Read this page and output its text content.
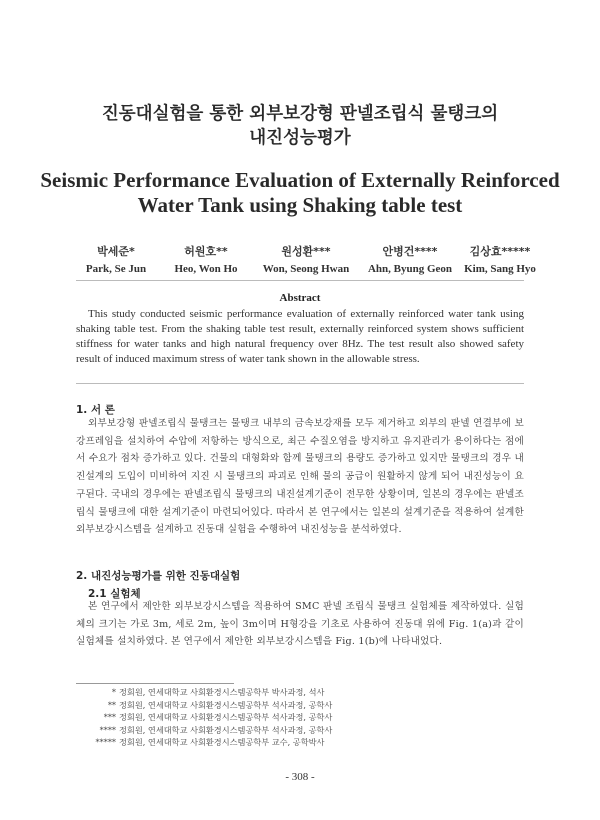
진동대실험을 통한 외부보강형 판넬조립식 물탱크의
내진성능평가
Seismic Performance Evaluation of Externally Reinforced
Water Tank using Shaking table test
박세준*
Park, Se Jun
허원호**
Heo, Won Ho
원성환***
Won, Seong Hwan
안병건****
Ahn, Byung Geon
김상효*****
Kim, Sang Hyo
Abstract
This study conducted seismic performance evaluation of externally reinforced water tank using shaking table test. From the shaking table test result, externally reinforced system shows sufficient stiffness for water tanks and high natural frequency over 8Hz. The test result also showed safety result of induced maximum stress of water tank shown in the allowable stress.
1. 서 론
외부보강형 판넬조립식 물탱크는 물탱크 내부의 금속보강재를 모두 제거하고 외부의 판넬 연결부에 보강프레임을 설치하여 수압에 저항하는 방식으로, 최근 수질오염을 방지하고 유지관리가 용이하다는 점에서 수요가 점차 증가하고 있다. 건물의 대형화와 함께 물탱크의 용량도 증가하고 있지만 물탱크의 경우 내진설계의 도입이 미비하여 지진 시 물탱크의 파괴로 인해 물의 공급이 원활하지 않게 되어 내진성능이 요구된다. 국내의 경우에는 판넬조립식 물탱크의 내진설계기준이 전무한 상황이며, 일본의 경우에는 판넬조립식 물탱크에 대한 설계기준이 마련되어있다. 따라서 본 연구에서는 일본의 설계기준을 적용하여 설계한 외부보강시스템을 설계하고 진동대 실험을 수행하여 내진성능을 분석하였다.
2. 내진성능평가를 위한 진동대실험
2.1 실험체
본 연구에서 제안한 외부보강시스템을 적용하여 SMC 판넬 조립식 물탱크 실험체를 제작하였다. 실험체의 크기는 가로 3m, 세로 2m, 높이 3m이며 H형강을 기초로 사용하여 진동대 위에 Fig. 1(a)과 같이 실험체를 설치하였다. 본 연구에서 제안한 외부보강시스템을 Fig. 1(b)에 나타내었다.
* 정회원, 연세대학교 사회환경시스템공학부 박사과정, 석사
** 정회원, 연세대학교 사회환경시스템공학부 석사과정, 공학사
*** 정회원, 연세대학교 사회환경시스템공학부 석사과정, 공학사
**** 정회원, 연세대학교 사회환경시스템공학부 석사과정, 공학사
***** 정회원, 연세대학교 사회환경시스템공학부 교수, 공학박사
- 308 -
